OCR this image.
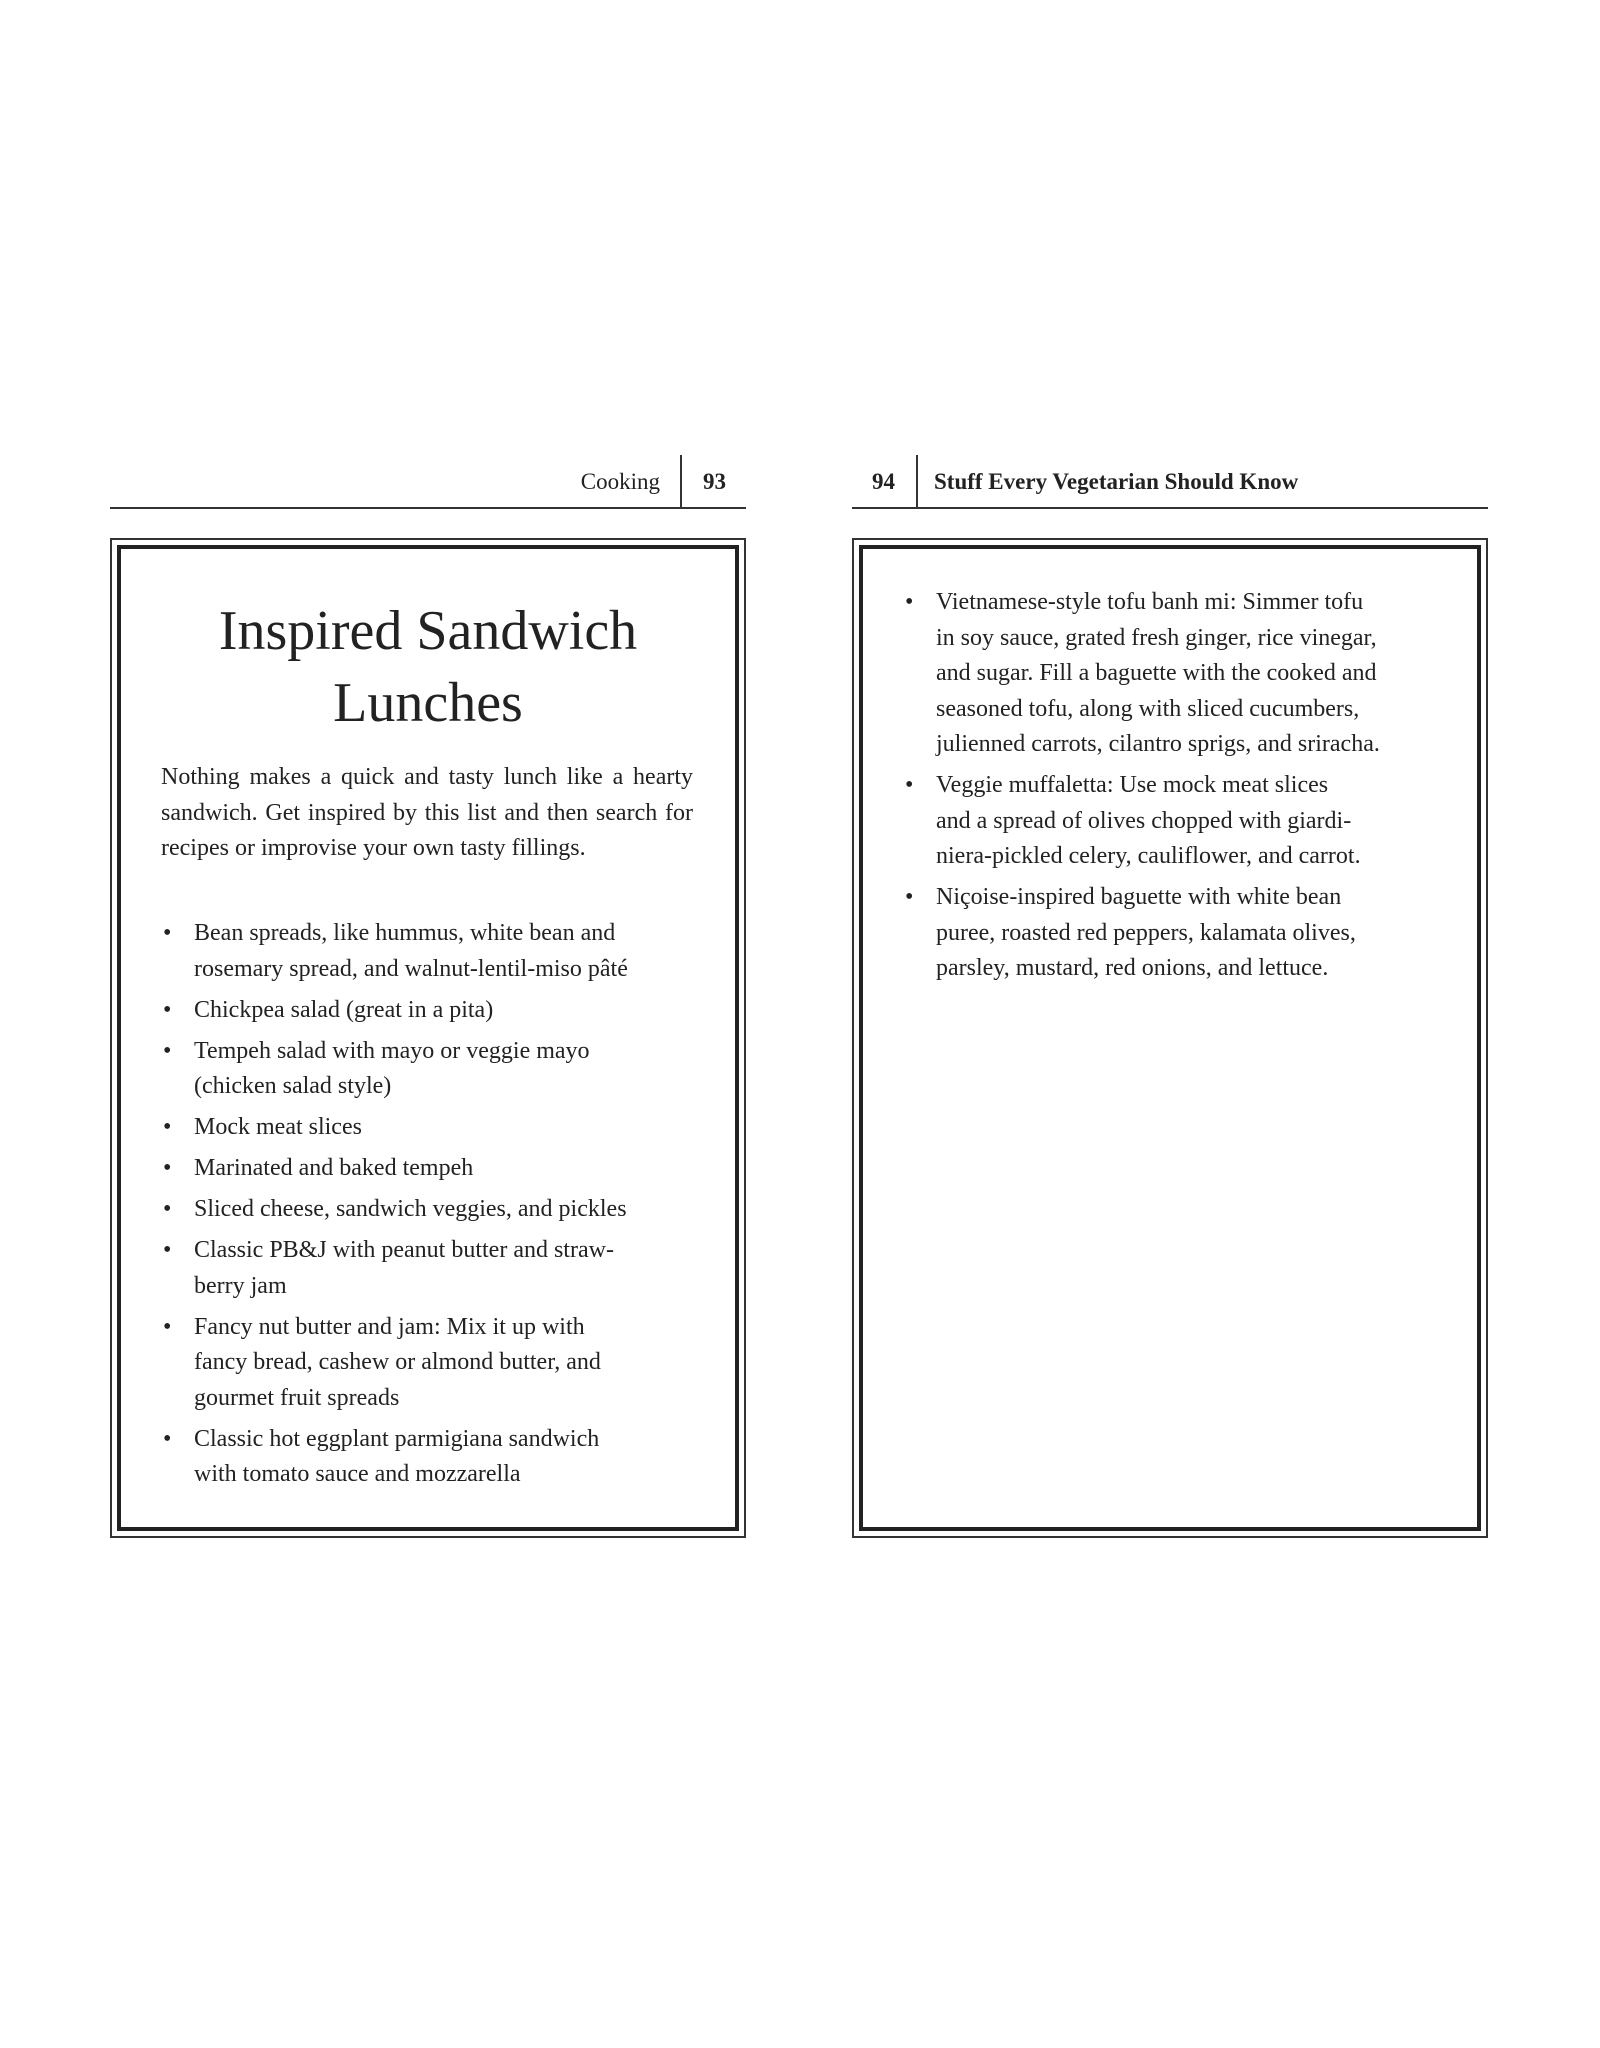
Cooking 93
Inspired Sandwich
Lunches

Nothing makes a quick and tasty lunch like a hearty sandwich. Get inspired by this list and then search for recipes or improvise your own tasty fillings.

• Bean spreads, like hummus, white bean and
rosemary spread, and walnut-lentil-miso pâté
• Chickpea salad (great in a pita)
• Tempeh salad with mayo or veggie mayo
(chicken salad style)
• Mock meat slices
• Marinated and baked tempeh
• Sliced cheese, sandwich veggies, and pickles
• Classic PB&J with peanut butter and straw-
berry jam
• Fancy nut butter and jam: Mix it up with
fancy bread, cashew or almond butter, and
gourmet fruit spreads
• Classic hot eggplant parmigiana sandwich
with tomato sauce and mozzarella
94 Stuff Every Vegetarian Should Know
• Vietnamese-style tofu banh mi: Simmer tofu
in soy sauce, grated fresh ginger, rice vinegar,
and sugar. Fill a baguette with the cooked and
seasoned tofu, along with sliced cucumbers,
julienned carrots, cilantro sprigs, and sriracha.
• Veggie muffaletta: Use mock meat slices
and a spread of olives chopped with giardi-
niera-pickled celery, cauliflower, and carrot.
• Niçoise-inspired baguette with white bean
puree, roasted red peppers, kalamata olives,
parsley, mustard, red onions, and lettuce.
